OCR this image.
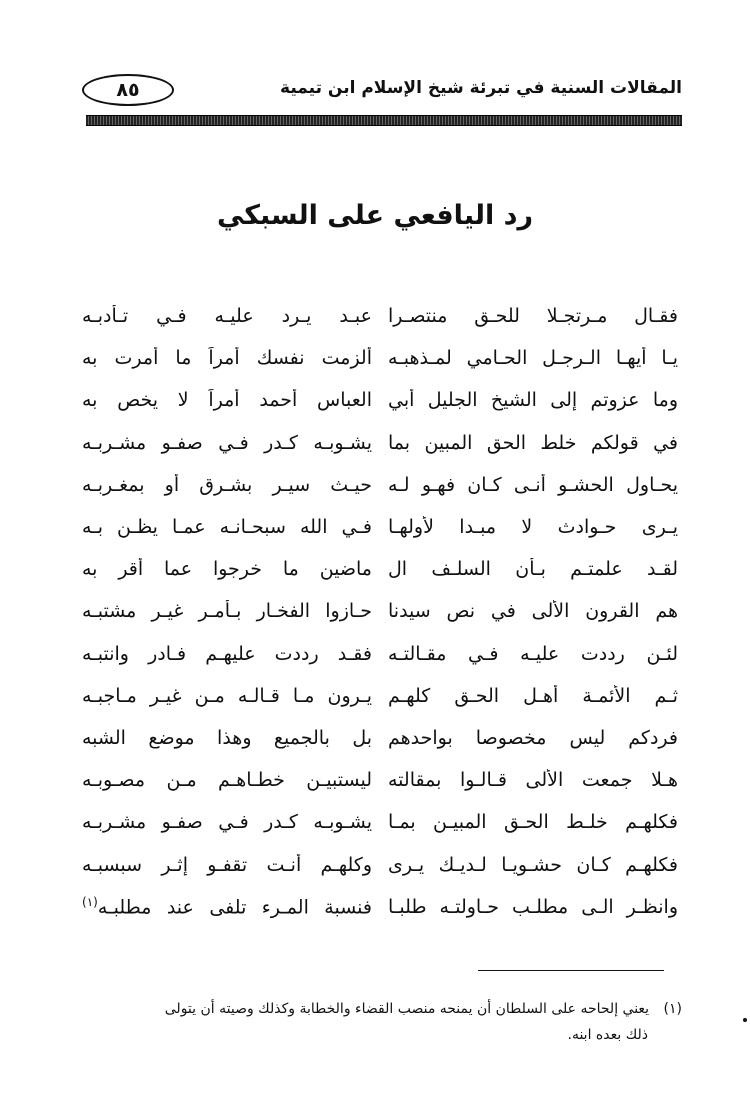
المقالات السنية في تبرئة شيخ الإسلام ابن تيمية
٨٥
رد اليافعي على السبكي
فقـال مـرتجـلا للحـق منتصـرا
عبـد يـرد عليـه فـي تـأدبـه
يـا أيهـا الـرجـل الحـامي لمـذهبـه
ألزمت نفسك أمراً ما أمرت به
وما عزوتم إلى الشيخ الجليل أبي
العباس أحمد أمراً لا يخص به
في قولكم خلط الحق المبين بما
يشـوبـه كـدر فـي صفـو مشـربـه
يحـاول الحشـو أنـى كـان فهـو لـه
حيـث سيـر بشـرق أو بمغـربـه
يـرى حـوادث لا مبـدا لأولهـا
فـي الله سبحـانـه عمـا يظـن بـه
لقـد علمتـم بـأن السلـف ال
ماضين ما خرجوا عما أقر به
هم القرون الألى في نص سيدنا
حـازوا الفخـار بـأمـر غيـر مشتبـه
لئـن رددت عليـه فـي مقـالتـه
فقـد رددت عليهـم فـادر وانتبـه
ثـم الأئمـة أهـل الحـق كلهـم
يـرون مـا قـالـه مـن غيـر مـاجبـه
فردكم ليس مخصوصا بواحدهم
بل بالجميع وهذا موضع الشبه
هـلا جمعت الألى قـالـوا بمقالته
ليستبيـن خطـاهـم مـن مصـوبـه
فكلهـم خلـط الحـق المبيـن بمـا
يشـوبـه كـدر فـي صفـو مشـربـه
فكلهـم كـان حشـويـا لـديـك يـرى
وكلهـم أنـت تقفـو إثـر سبسبـه
وانظـر الـى مطلـب حـاولتـه طلبـا
فنسبة المـرء تلفى عند مطلبـه$^{(١)}$
(١) يعني إلحاحه على السلطان أن يمنحه منصب القضاء والخطابة وكذلك وصيته أن يتولى
ذلك بعده ابنه.
